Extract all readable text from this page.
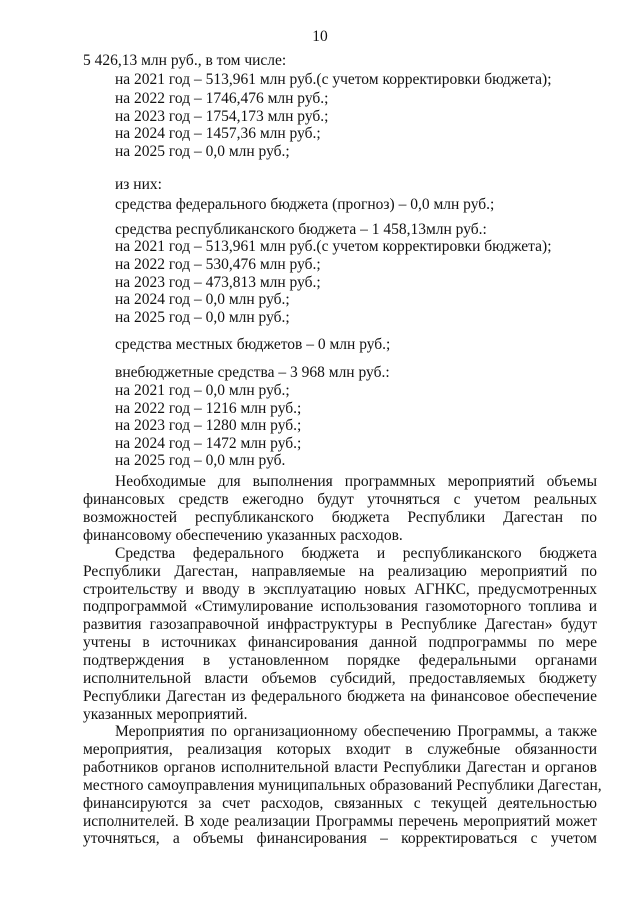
10
5 426,13 млн руб., в том числе:
на 2021 год – 513,961 млн руб.(с учетом корректировки бюджета);
на 2022 год – 1746,476 млн руб.;
на 2023 год – 1754,173 млн руб.;
на 2024 год – 1457,36 млн руб.;
на 2025 год – 0,0 млн руб.;
из них:
средства федерального бюджета (прогноз) – 0,0 млн руб.;
средства республиканского бюджета – 1 458,13млн руб.:
на 2021 год – 513,961 млн руб.(с учетом корректировки бюджета);
на 2022 год – 530,476 млн руб.;
на 2023 год – 473,813 млн руб.;
на 2024 год – 0,0 млн руб.;
на 2025 год – 0,0 млн руб.;
средства местных бюджетов – 0 млн руб.;
внебюджетные средства – 3 968 млн руб.:
на 2021 год – 0,0 млн руб.;
на 2022 год – 1216 млн руб.;
на 2023 год – 1280 млн руб.;
на 2024 год – 1472 млн руб.;
на 2025 год – 0,0 млн руб.
Необходимые для выполнения программных мероприятий объемы
финансовых средств ежегодно будут уточняться с учетом реальных
возможностей республиканского бюджета Республики Дагестан по
финансовому обеспечению указанных расходов.
Средства федерального бюджета и республиканского бюджета
Республики Дагестан, направляемые на реализацию мероприятий по
строительству и вводу в эксплуатацию новых АГНКС, предусмотренных
подпрограммой «Стимулирование использования газомоторного топлива и
развития газозаправочной инфраструктуры в Республике Дагестан» будут
учтены в источниках финансирования данной подпрограммы по мере
подтверждения в установленном порядке федеральными органами
исполнительной власти объемов субсидий, предоставляемых бюджету
Республики Дагестан из федерального бюджета на финансовое обеспечение
указанных мероприятий.
Мероприятия по организационному обеспечению Программы, а также
мероприятия, реализация которых входит в служебные обязанности
работников органов исполнительной власти Республики Дагестан и органов
местного самоуправления муниципальных образований Республики Дагестан,
финансируются за счет расходов, связанных с текущей деятельностью
исполнителей. В ходе реализации Программы перечень мероприятий может
уточняться, а объемы финансирования – корректироваться с учетом
